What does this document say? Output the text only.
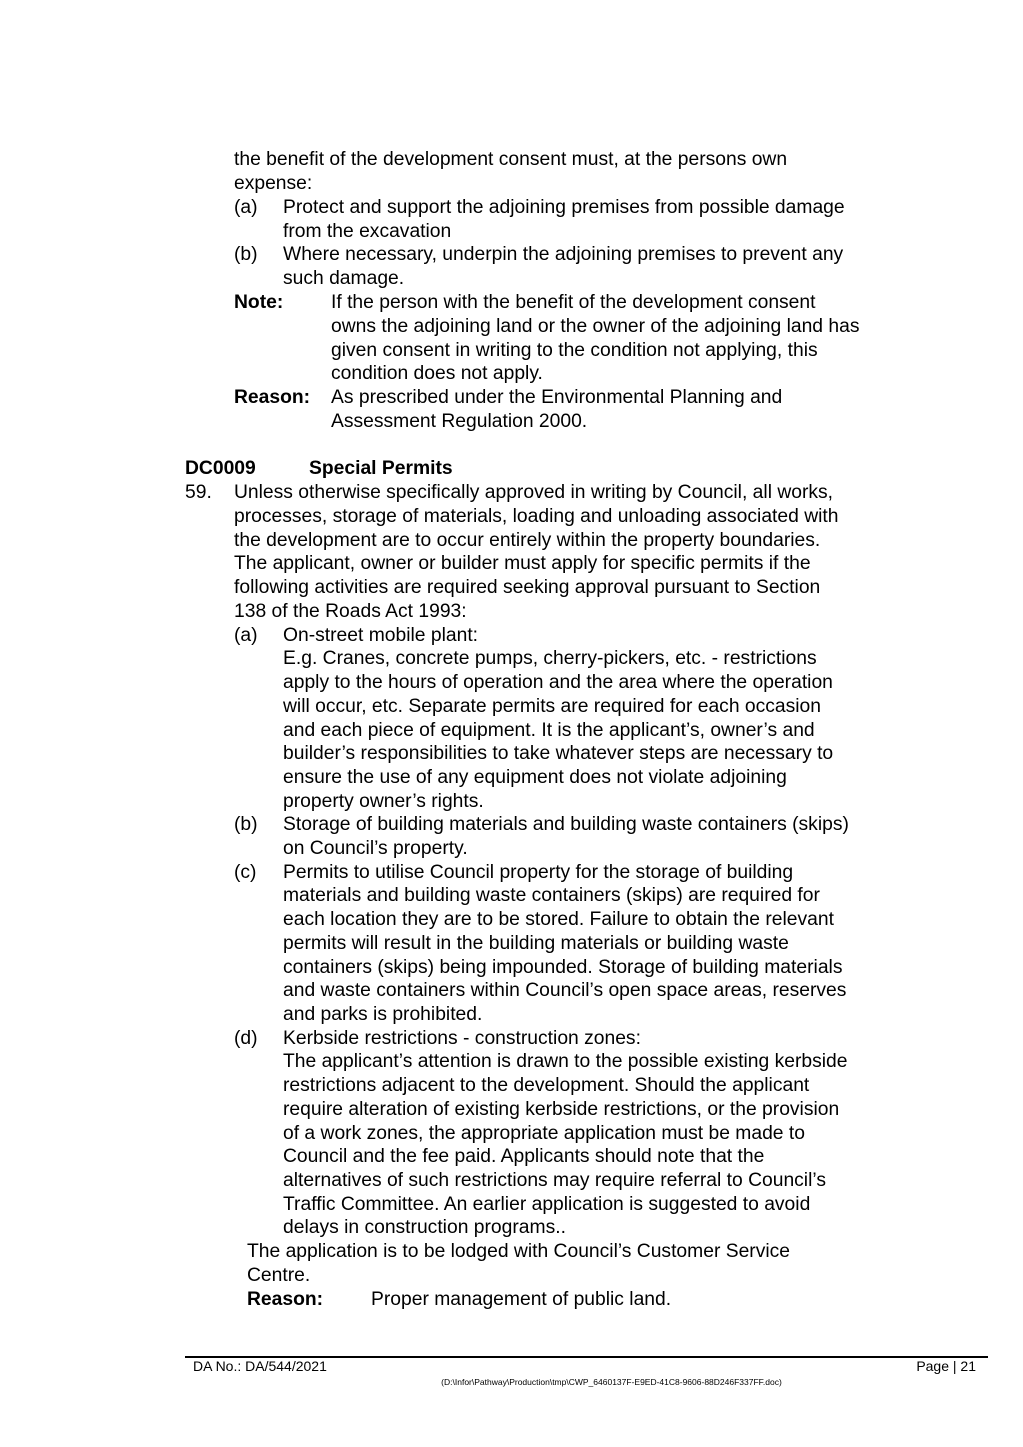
the benefit of the development consent must, at the persons own
expense:
(a) Protect and support the adjoining premises from possible damage
from the excavation
(b) Where necessary, underpin the adjoining premises to prevent any
such damage.
Note: If the person with the benefit of the development consent
owns the adjoining land or the owner of the adjoining land has
given consent in writing to the condition not applying, this
condition does not apply.
Reason: As prescribed under the Environmental Planning and
Assessment Regulation 2000.
DC0009	Special Permits
59. Unless otherwise specifically approved in writing by Council, all works,
processes, storage of materials, loading and unloading associated with
the development are to occur entirely within the property boundaries.
The applicant, owner or builder must apply for specific permits if the
following activities are required seeking approval pursuant to Section
138 of the Roads Act 1993:
(a) On-street mobile plant:
E.g. Cranes, concrete pumps, cherry-pickers, etc. - restrictions
apply to the hours of operation and the area where the operation
will occur, etc. Separate permits are required for each occasion
and each piece of equipment. It is the applicant’s, owner’s and
builder’s responsibilities to take whatever steps are necessary to
ensure the use of any equipment does not violate adjoining
property owner’s rights.
(b) Storage of building materials and building waste containers (skips)
on Council’s property.
(c) Permits to utilise Council property for the storage of building
materials and building waste containers (skips) are required for
each location they are to be stored. Failure to obtain the relevant
permits will result in the building materials or building waste
containers (skips) being impounded. Storage of building materials
and waste containers within Council’s open space areas, reserves
and parks is prohibited.
(d) Kerbside restrictions - construction zones:
The applicant’s attention is drawn to the possible existing kerbside
restrictions adjacent to the development. Should the applicant
require alteration of existing kerbside restrictions, or the provision
of a work zones, the appropriate application must be made to
Council and the fee paid. Applicants should note that the
alternatives of such restrictions may require referral to Council’s
Traffic Committee. An earlier application is suggested to avoid
delays in construction programs..
The application is to be lodged with Council’s Customer Service
Centre.
Reason: Proper management of public land.
DA No.: DA/544/2021	Page | 21
(D:\Infor\Pathway\Production\tmp\CWP_6460137F-E9ED-41C8-9606-88D246F337FF.doc)
